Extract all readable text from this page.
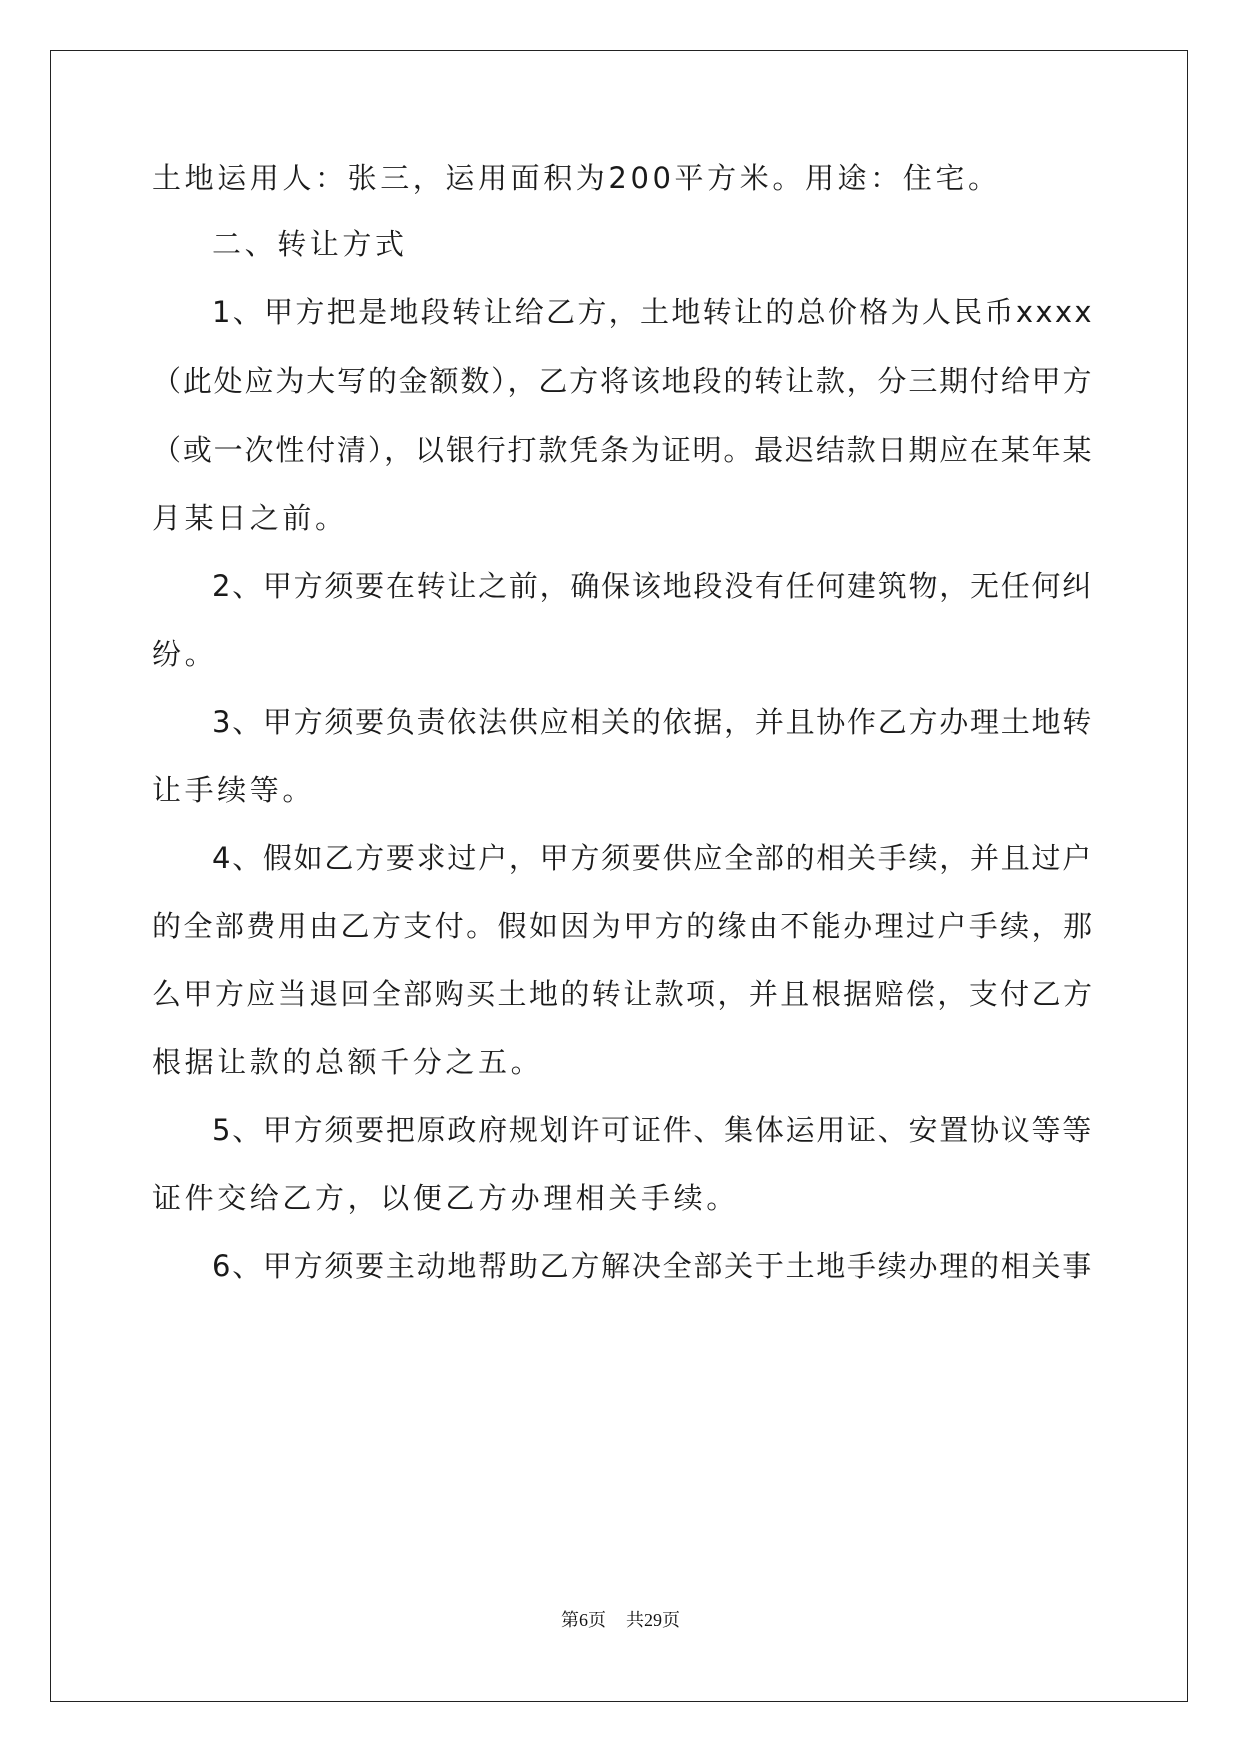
土地运用人：张三，运用面积为200平方米。用途：住宅。
二、转让方式
1、甲方把是地段转让给乙方，土地转让的总价格为人民币xxxx
（此处应为大写的金额数），乙方将该地段的转让款，分三期付给甲方
（或一次性付清），以银行打款凭条为证明。最迟结款日期应在某年某
月某日之前。
2、甲方须要在转让之前，确保该地段没有任何建筑物，无任何纠
纷。
3、甲方须要负责依法供应相关的依据，并且协作乙方办理土地转
让手续等。
4、假如乙方要求过户，甲方须要供应全部的相关手续，并且过户
的全部费用由乙方支付。假如因为甲方的缘由不能办理过户手续，那
么甲方应当退回全部购买土地的转让款项，并且根据赔偿，支付乙方
根据让款的总额千分之五。
5、甲方须要把原政府规划许可证件、集体运用证、安置协议等等
证件交给乙方，以便乙方办理相关手续。
6、甲方须要主动地帮助乙方解决全部关于土地手续办理的相关事
第6页 共29页
